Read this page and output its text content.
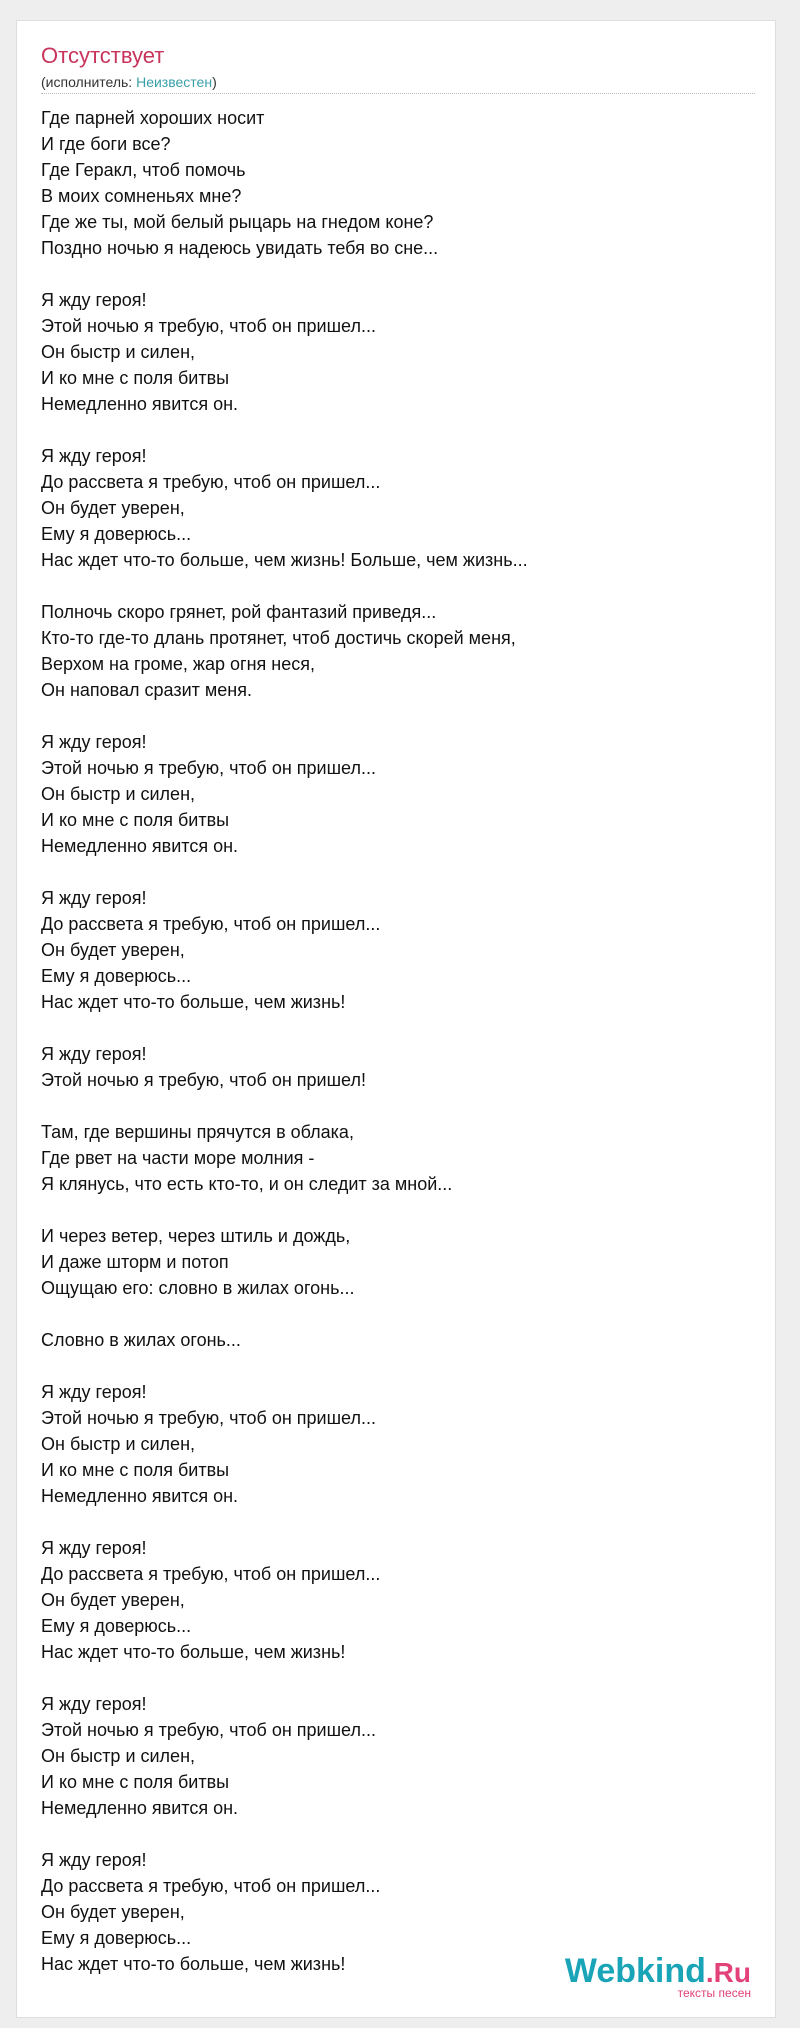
Отсутствует
(исполнитель: Неизвестен)
Где парней хороших носит
И где боги все?
Где Геракл, чтоб помочь
В моих сомненьях мне?
Где же ты, мой белый рыцарь на гнедом коне?
Поздно ночью я надеюсь увидать тебя во сне...
Я жду героя!
Этой ночью я требую, чтоб он пришел...
Он быстр и силен,
И ко мне с поля битвы
Немедленно явится он.
Я жду героя!
До рассвета я требую, чтоб он пришел...
Он будет уверен,
Ему я доверюсь...
Нас ждет что-то больше, чем жизнь! Больше, чем жизнь...
Полночь скоро грянет, рой фантазий приведя...
Кто-то где-то длань протянет, чтоб достичь скорей меня,
Верхом на громе, жар огня неся,
Он наповал сразит меня.
Я жду героя!
Этой ночью я требую, чтоб он пришел...
Он быстр и силен,
И ко мне с поля битвы
Немедленно явится он.
Я жду героя!
До рассвета я требую, чтоб он пришел...
Он будет уверен,
Ему я доверюсь...
Нас ждет что-то больше, чем жизнь!
Я жду героя!
Этой ночью я требую, чтоб он пришел!
Там, где вершины прячутся в облака,
Где рвет на части море молния -
Я клянусь, что есть кто-то, и он следит за мной...
И через ветер, через штиль и дождь,
И даже шторм и потоп
Ощущаю его: словно в жилах огонь...
Словно в жилах огонь...
Я жду героя!
Этой ночью я требую, чтоб он пришел...
Он быстр и силен,
И ко мне с поля битвы
Немедленно явится он.
Я жду героя!
До рассвета я требую, чтоб он пришел...
Он будет уверен,
Ему я доверюсь...
Нас ждет что-то больше, чем жизнь!
Я жду героя!
Этой ночью я требую, чтоб он пришел...
Он быстр и силен,
И ко мне с поля битвы
Немедленно явится он.
Я жду героя!
До рассвета я требую, чтоб он пришел...
Он будет уверен,
Ему я доверюсь...
Нас ждет что-то больше, чем жизнь!	Webkind.Ru
тексты песен
